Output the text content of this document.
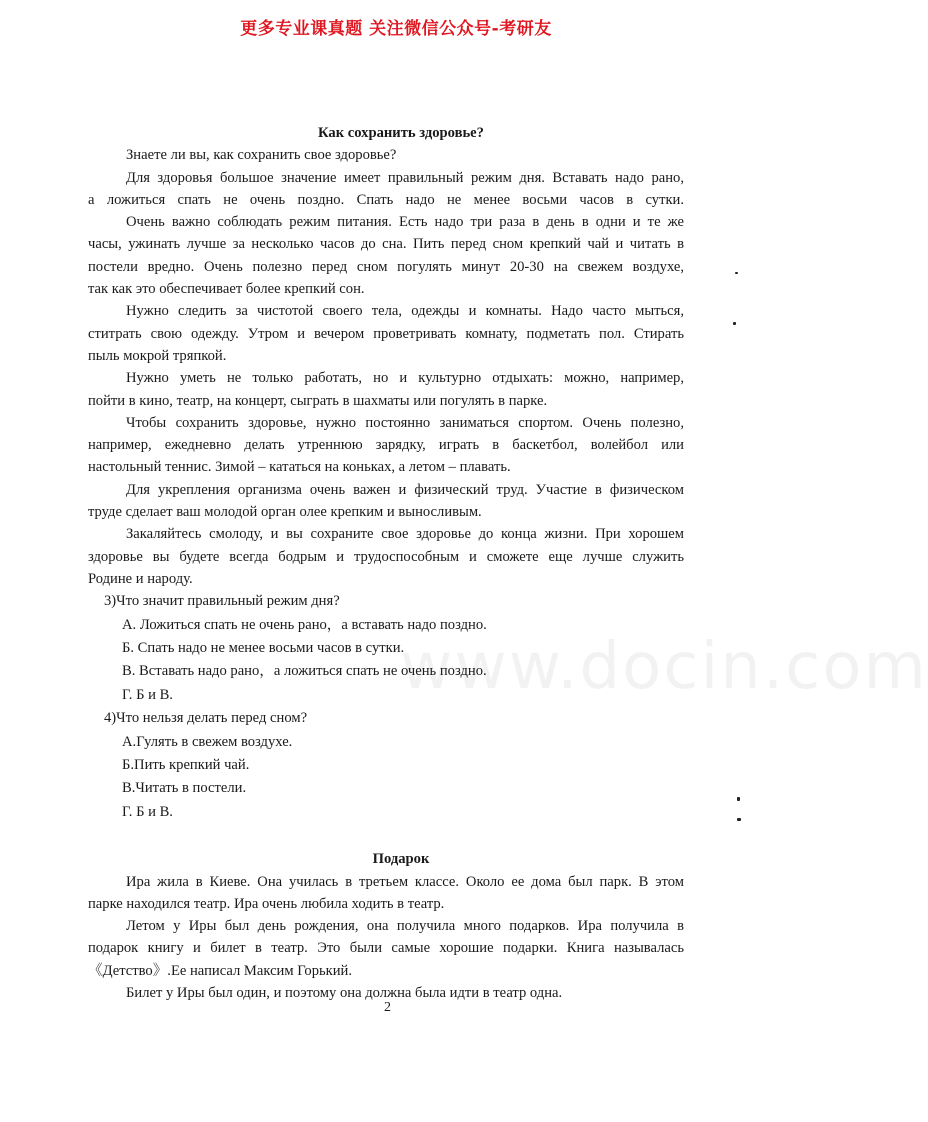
更多专业课真题 关注微信公众号-考研友
www.docin.com
Как сохранить здоровье?
Знаете ли вы, как сохранить свое здоровье?
Для здоровья большое значение имеет правильный режим дня. Вставать надо рано,
а ложиться спать не очень поздно. Спать надо не менее восьми часов в сутки.
Очень важно соблюдать режим питания. Есть надо три раза в день в одни и те же
часы, ужинать лучше за несколько часов до сна. Пить перед сном крепкий чай и читать в
постели вредно. Очень полезно перед сном погулять минут 20-30 на свежем воздухе,
так как это обеспечивает более крепкий сон.
Нужно следить за чистотой своего тела, одежды и комнаты. Надо часто мыться,
ститрать свою одежду. Утром и вечером проветривать комнату, подметать пол. Стирать
пыль мокрой тряпкой.
Нужно уметь не только работать, но и культурно отдыхать: можно, например,
пойти в кино, театр, на концерт, сыграть в шахматы или погулять в парке.
Чтобы сохранить здоровье, нужно постоянно заниматься спортом. Очень полезно,
например, ежедневно делать утреннюю зарядку, играть в баскетбол, волейбол или
настольный теннис. Зимой – кататься на коньках, а летом – плавать.
Для укрепления организма очень важен и физический труд. Участие в физическом
труде сделает ваш молодой орган олее крепким и выносливым.
Закаляйтесь смолоду, и вы сохраните свое здоровье до конца жизни. При хорошем
здоровье вы будете всегда бодрым и трудоспособным и сможете еще лучше служить
Родине и народу.
3)Что значит правильный режим дня?
А. Ложиться спать не очень рано，а вставать надо поздно.
Б. Спать надо не менее восьми часов в сутки.
В. Вставать надо рано，а ложиться спать не очень поздно.
Г. Б и В.
4)Что нельзя делать перед сном?
А.Гулять в свежем воздухе.
Б.Пить крепкий чай.
В.Читать в постели.
Г. Б и В.
Подарок
Ира жила в Киеве. Она училась в третьем классе. Около ее дома был парк. В этом
парке находился театр. Ира очень любила ходить в театр.
Летом у Иры был день рождения, она получила много подарков. Ира получила в
подарок книгу и билет в театр. Это были самые хорошие подарки. Книга называлась
《Детство》.Ее написал Максим Горький.
Билет у Иры был один, и поэтому она должна была идти в театр одна.
2
